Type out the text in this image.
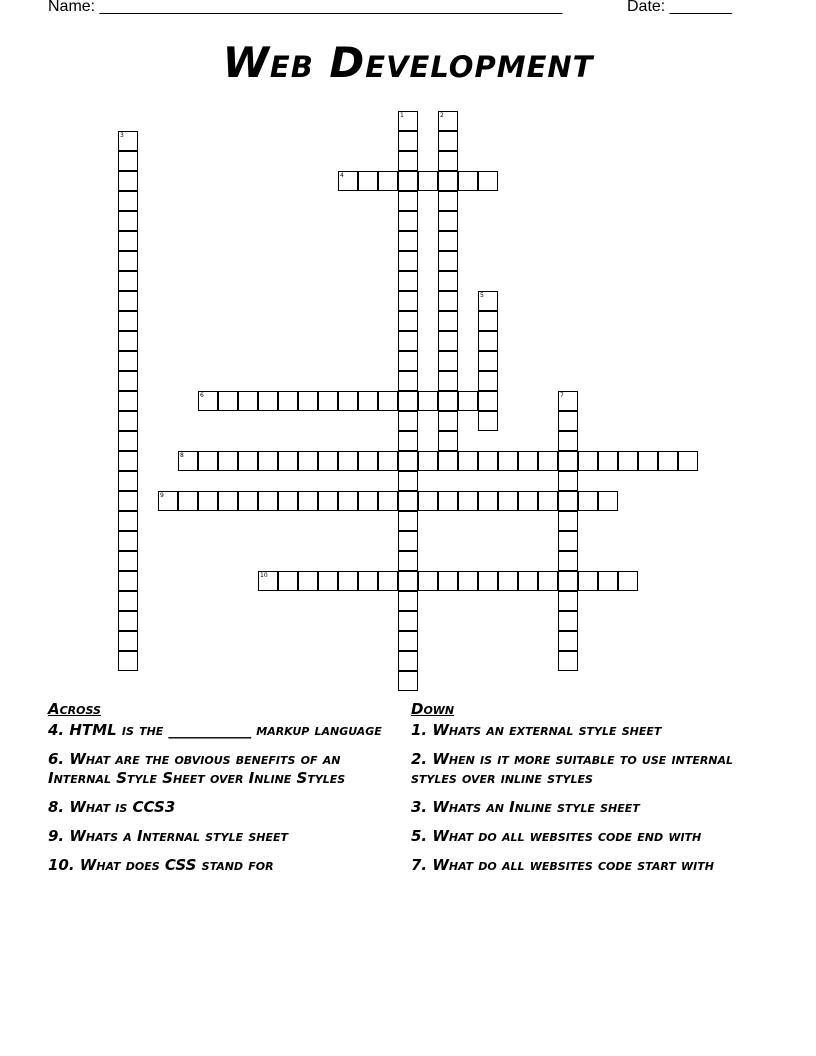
Name: ____________________________________________________	Date: _______
Web Development
1	2
3
4
5
6	7
8
9
10
Across
4. HTML is the ___________ markup language
6. What are the obvious benefits of an Internal Style Sheet over Inline Styles
8. What is CCS3
9. Whats a Internal style sheet
10. What does CSS stand for
Down
1. Whats an external style sheet
2. When is it more suitable to use internal styles over inline styles
3. Whats an Inline style sheet
5. What do all websites code end with
7. What do all websites code start with
